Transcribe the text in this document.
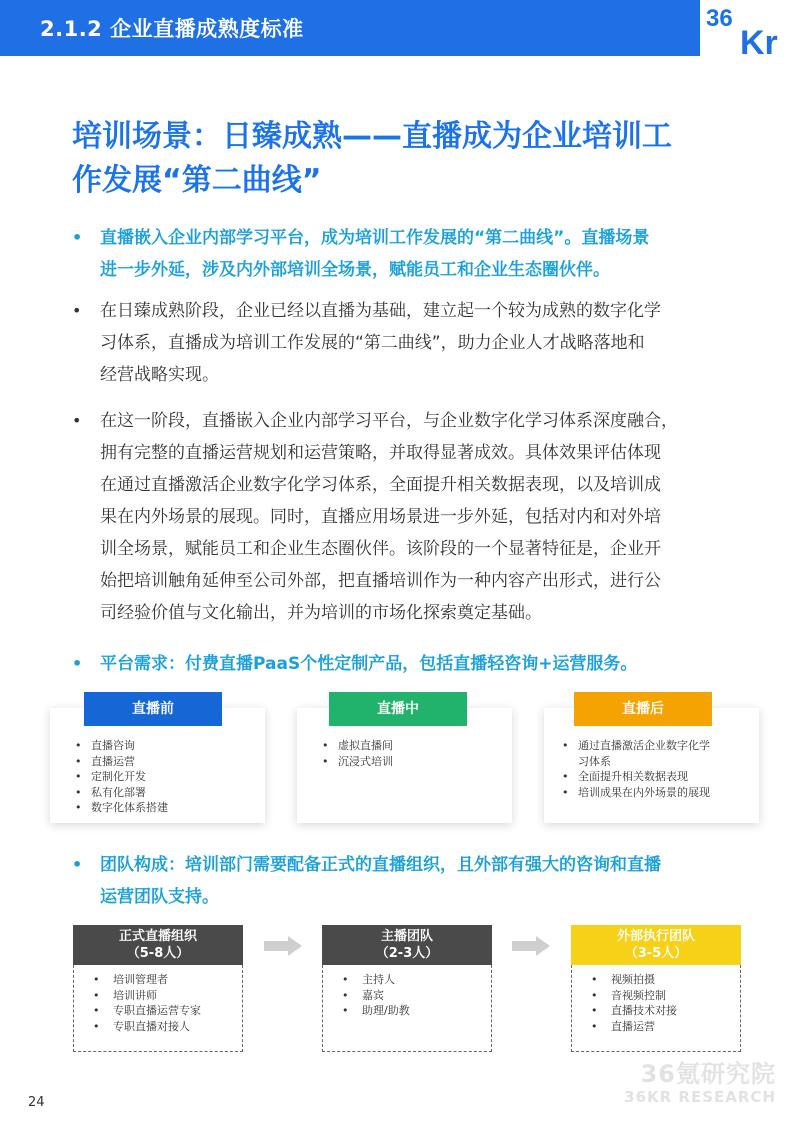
2.1.2 企业直播成熟度标准	36
Kr
培训场景：日臻成熟——直播成为企业培训工
作发展“第二曲线”
• 直播嵌入企业内部学习平台，成为培训工作发展的“第二曲线”。直播场景
进一步外延，涉及内外部培训全场景，赋能员工和企业生态圈伙伴。
• 在日臻成熟阶段，企业已经以直播为基础，建立起一个较为成熟的数字化学
习体系，直播成为培训工作发展的“第二曲线”，助力企业人才战略落地和
经营战略实现。
• 在这一阶段，直播嵌入企业内部学习平台，与企业数字化学习体系深度融合，
拥有完整的直播运营规划和运营策略，并取得显著成效。具体效果评估体现
在通过直播激活企业数字化学习体系，全面提升相关数据表现，以及培训成
果在内外场景的展现。同时，直播应用场景进一步外延，包括对内和对外培
训全场景，赋能员工和企业生态圈伙伴。该阶段的一个显著特征是，企业开
始把培训触角延伸至公司外部，把直播培训作为一种内容产出形式，进行公
司经验价值与文化输出，并为培训的市场化探索奠定基础。
• 平台需求：付费直播PaaS个性定制产品，包括直播轻咨询+运营服务。
直播前	直播中	直播后
• 直播咨询
• 直播运营
• 定制化开发
• 私有化部署
• 数字化体系搭建
• 虚拟直播间
• 沉浸式培训
• 通过直播激活企业数字化学
习体系
• 全面提升相关数据表现
• 培训成果在内外场景的展现
• 团队构成：培训部门需要配备正式的直播组织，且外部有强大的咨询和直播
运营团队支持。
正式直播组织
（5-8人）
• 培训管理者
• 培训讲师
• 专职直播运营专家
• 专职直播对接人
主播团队
（2-3人）
• 主持人
• 嘉宾
• 助理/助教
外部执行团队
（3-5人）
• 视频拍摄
• 音视频控制
• 直播技术对接
• 直播运营
24
36氪研究院
36KR RESEARCH
